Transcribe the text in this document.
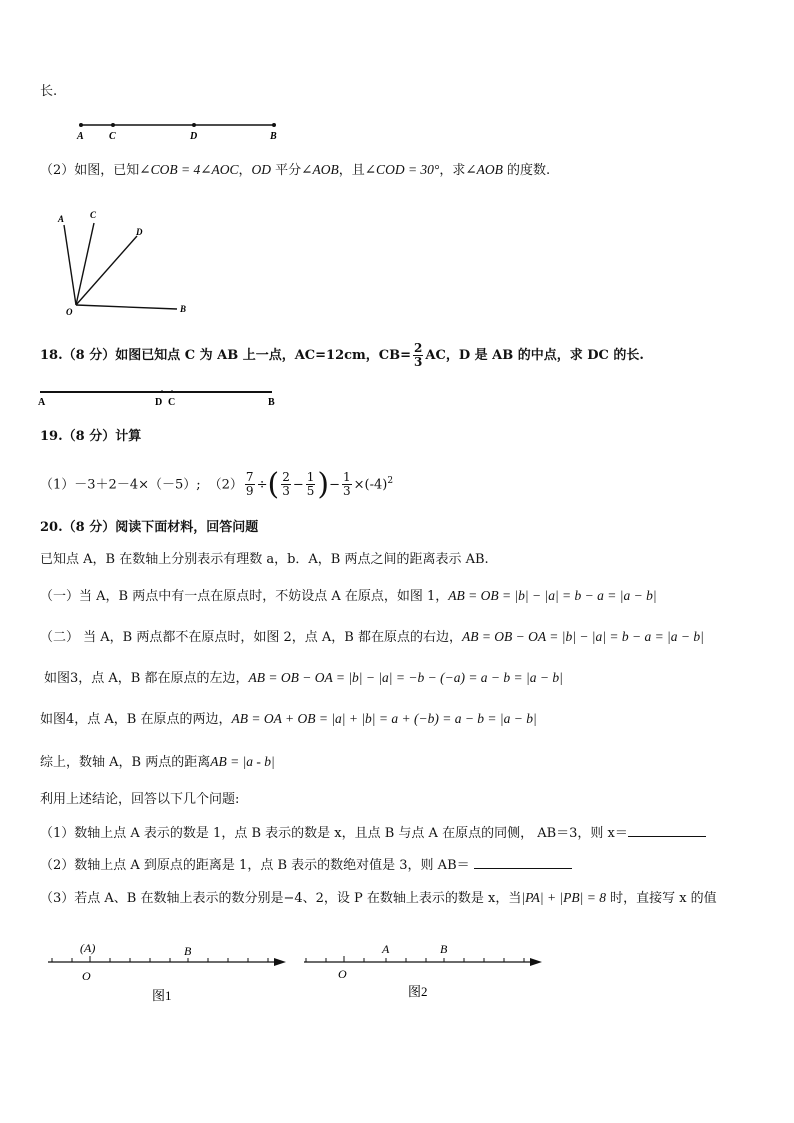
长.
A	C	D	B
（2）如图，已知∠COB = 4∠AOC，OD 平分∠AOB，且∠COD = 30°，求∠AOB 的度数.
A	C
D
O	B
18.（8 分）如图已知点 C 为 AB 上一点，AC=12cm，$CB= \frac{2}{3}$ AC，D 是 AB 的中点，求 DC 的长.
A	D C	B
19.（8 分）计算
（1）－3＋2－4×（－5）; $(2) \frac{7}{9}$ ÷( $\frac{2}{3} - \frac{1}{5}$ )− $\frac{1}{3} \times(-4)^2$
20.（8 分）阅读下面材料，回答问题
已知点 A，B 在数轴上分别表示有理数 a，b．A，B 两点之间的距离表示 AB.
（一）当 A，B 两点中有一点在原点时，不妨设点 A 在原点，如图 1，AB = OB = |b| − |a| = b − a = |a − b|
（二） 当 A，B 两点都不在原点时，如图 2，点 A，B 都在原点的右边，AB = OB − OA = |b| − |a| = b − a = |a − b|
如图3，点 A，B 都在原点的左边，AB = OB − OA = |b| − |a| = −b − (−a) = a − b = |a − b|
如图4，点 A，B 在原点的两边，AB = OA + OB = |a| + |b| = a + (−b) = a − b = |a − b|
综上，数轴 A，B 两点的距离AB = |a - b|
利用上述结论，回答以下几个问题:
（1）数轴上点 A 表示的数是 1，点 B 表示的数是 x，且点 B 与点 A 在原点的同侧， AB＝3，则 x＝
（2）数轴上点 A 到原点的距离是 1，点 B 表示的数绝对值是 3，则 AB＝
（3）若点 A、B 在数轴上表示的数分别是−4、2，设 P 在数轴上表示的数是 x，当|PA| + |PB| = 8 时，直接写 x 的值
(A)	B
O
图1
A	B
O
图2
